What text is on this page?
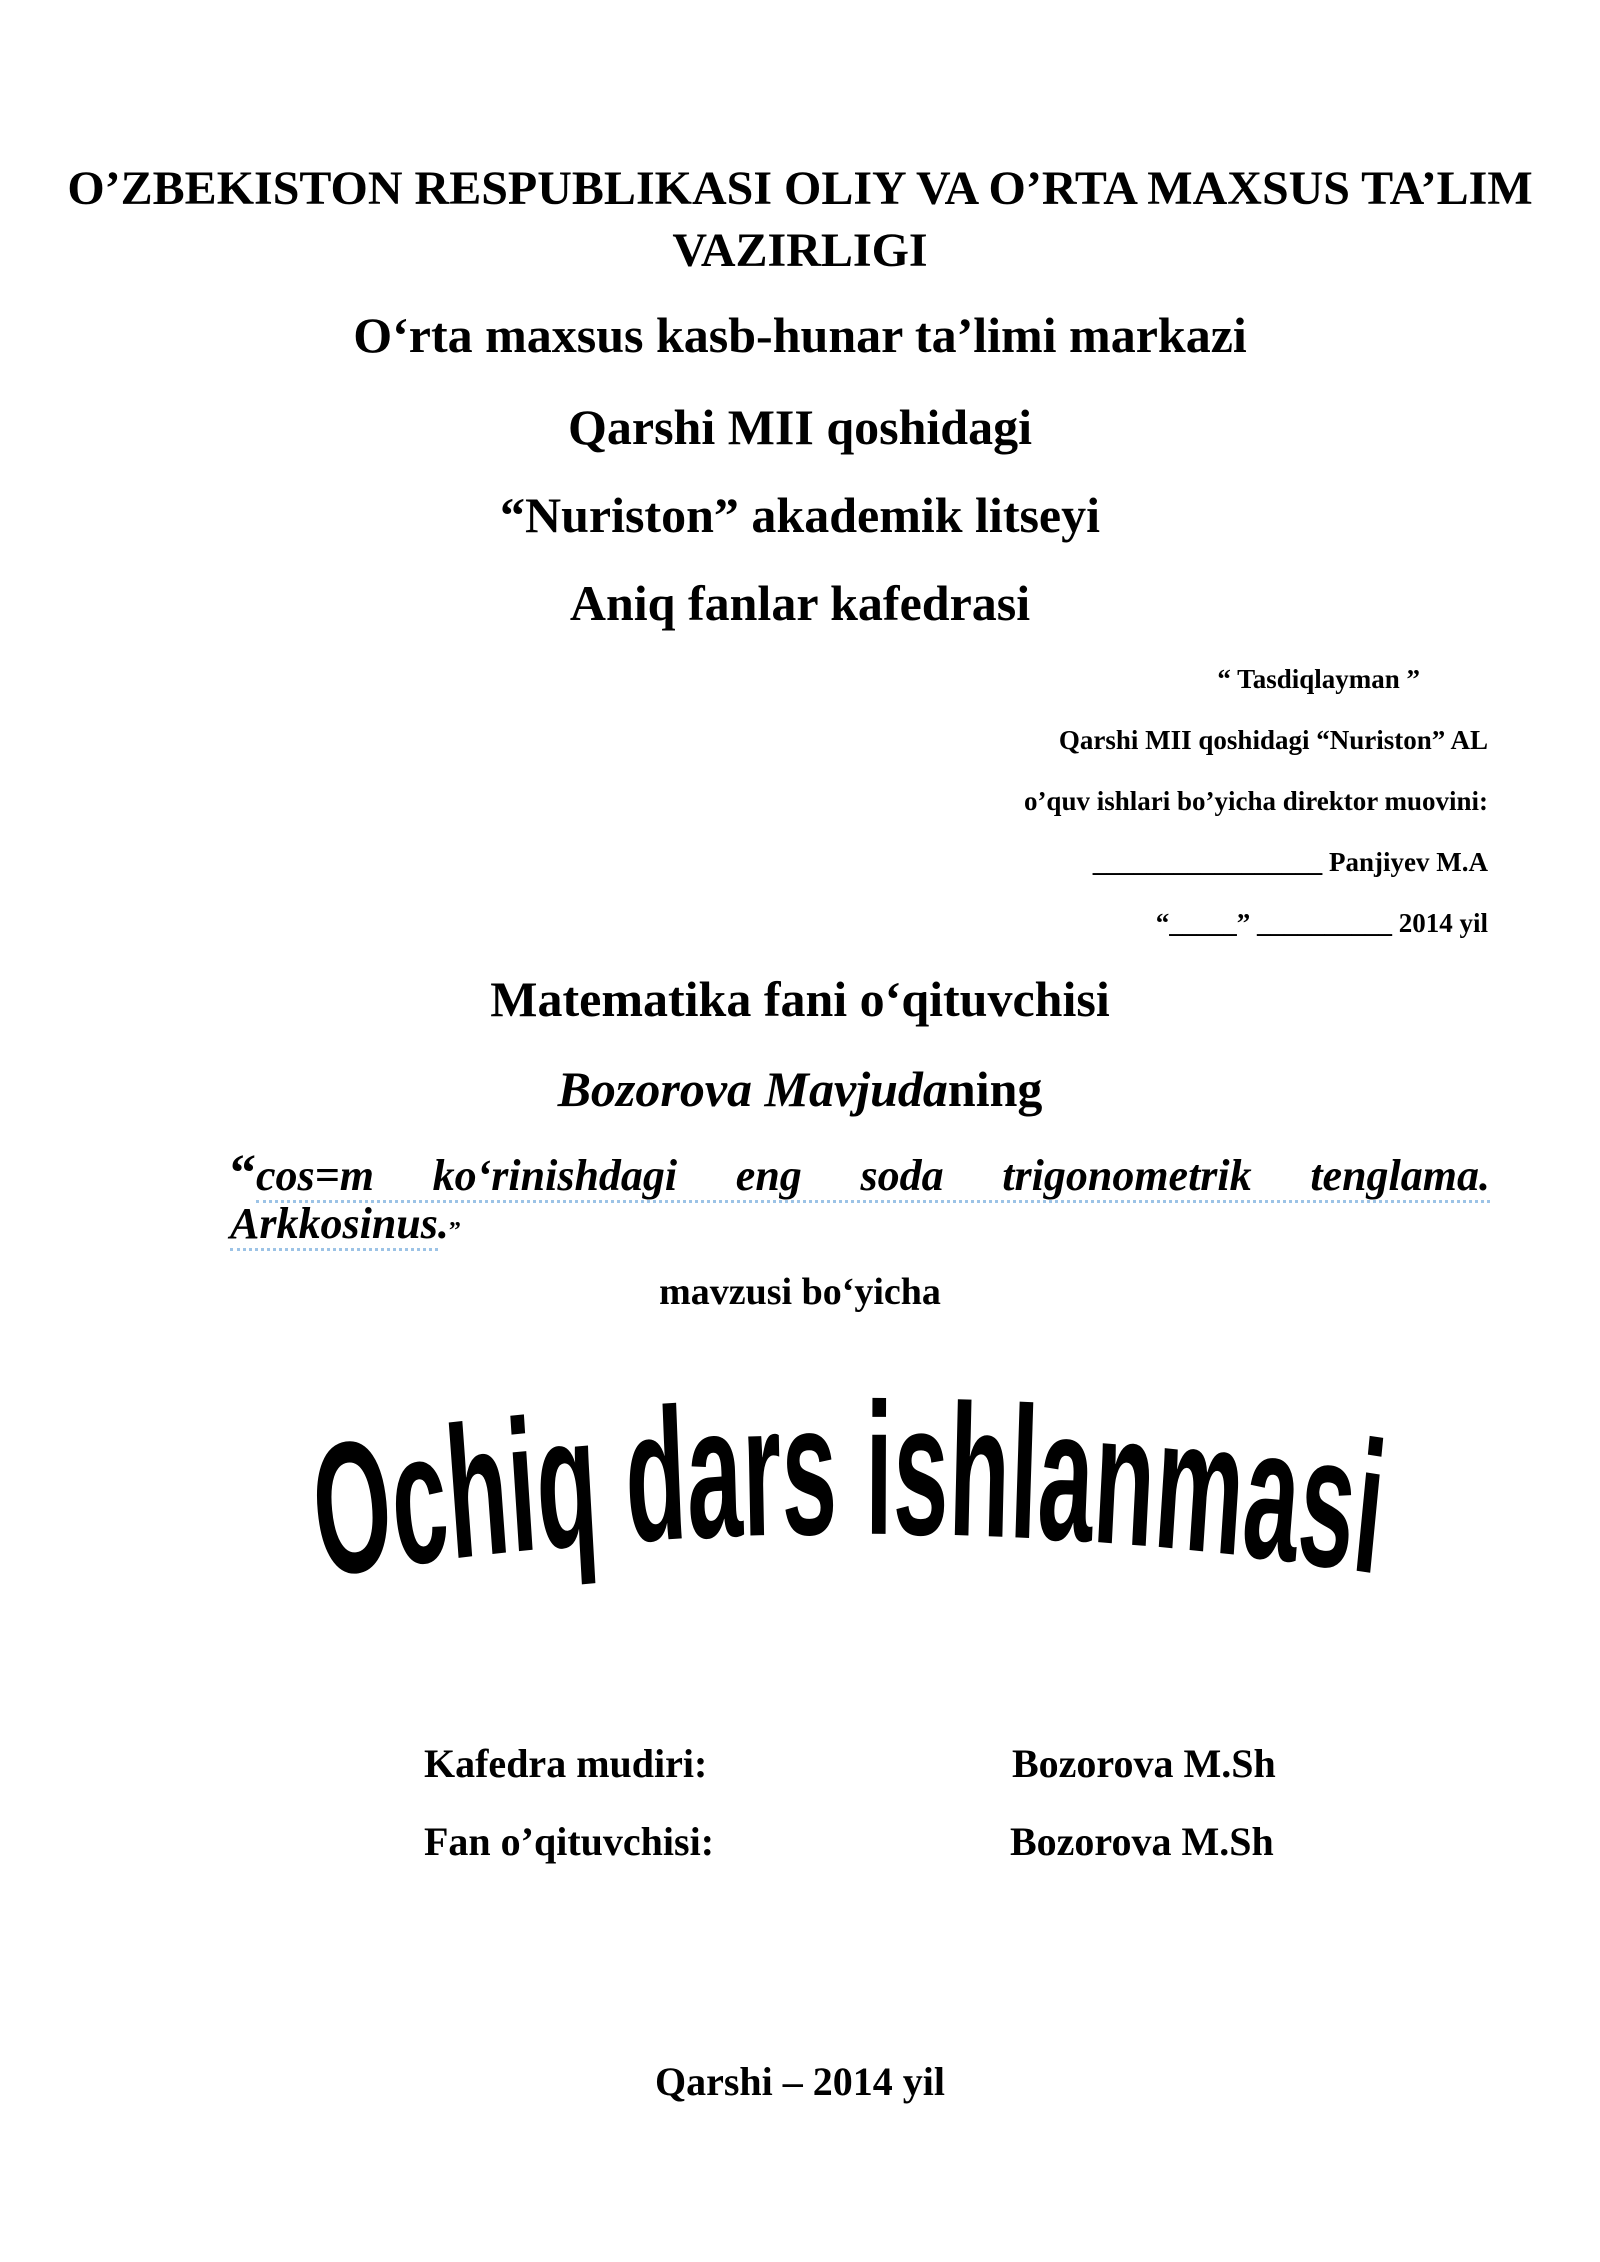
O’ZBEKISTON RESPUBLIKASI OLIY VA O’RTA MAXSUS TA’LIM VAZIRLIGI
O‘rta maxsus kasb-hunar ta’limi markazi
Qarshi MII qoshidagi
“Nuriston” akademik litseyi
Aniq fanlar kafedrasi
“ Tasdiqlayman ”
Qarshi MII qoshidagi “Nuriston” AL
o’quv ishlari bo’yicha direktor muovini:
_________________ Panjiyev M.A
“_____” __________ 2014 yil
Matematika fani o‘qituvchisi
Bozorova Mavjudaning
“cos=m ko‘rinishdagi eng soda trigonometrik tenglama. Arkkosinus.”
mavzusi bo‘yicha
Ochiq dars ishlanmasi
Kafedra mudiri:	Bozorova M.Sh
Fan o’qituvchisi:	Bozorova M.Sh
Qarshi – 2014 yil
